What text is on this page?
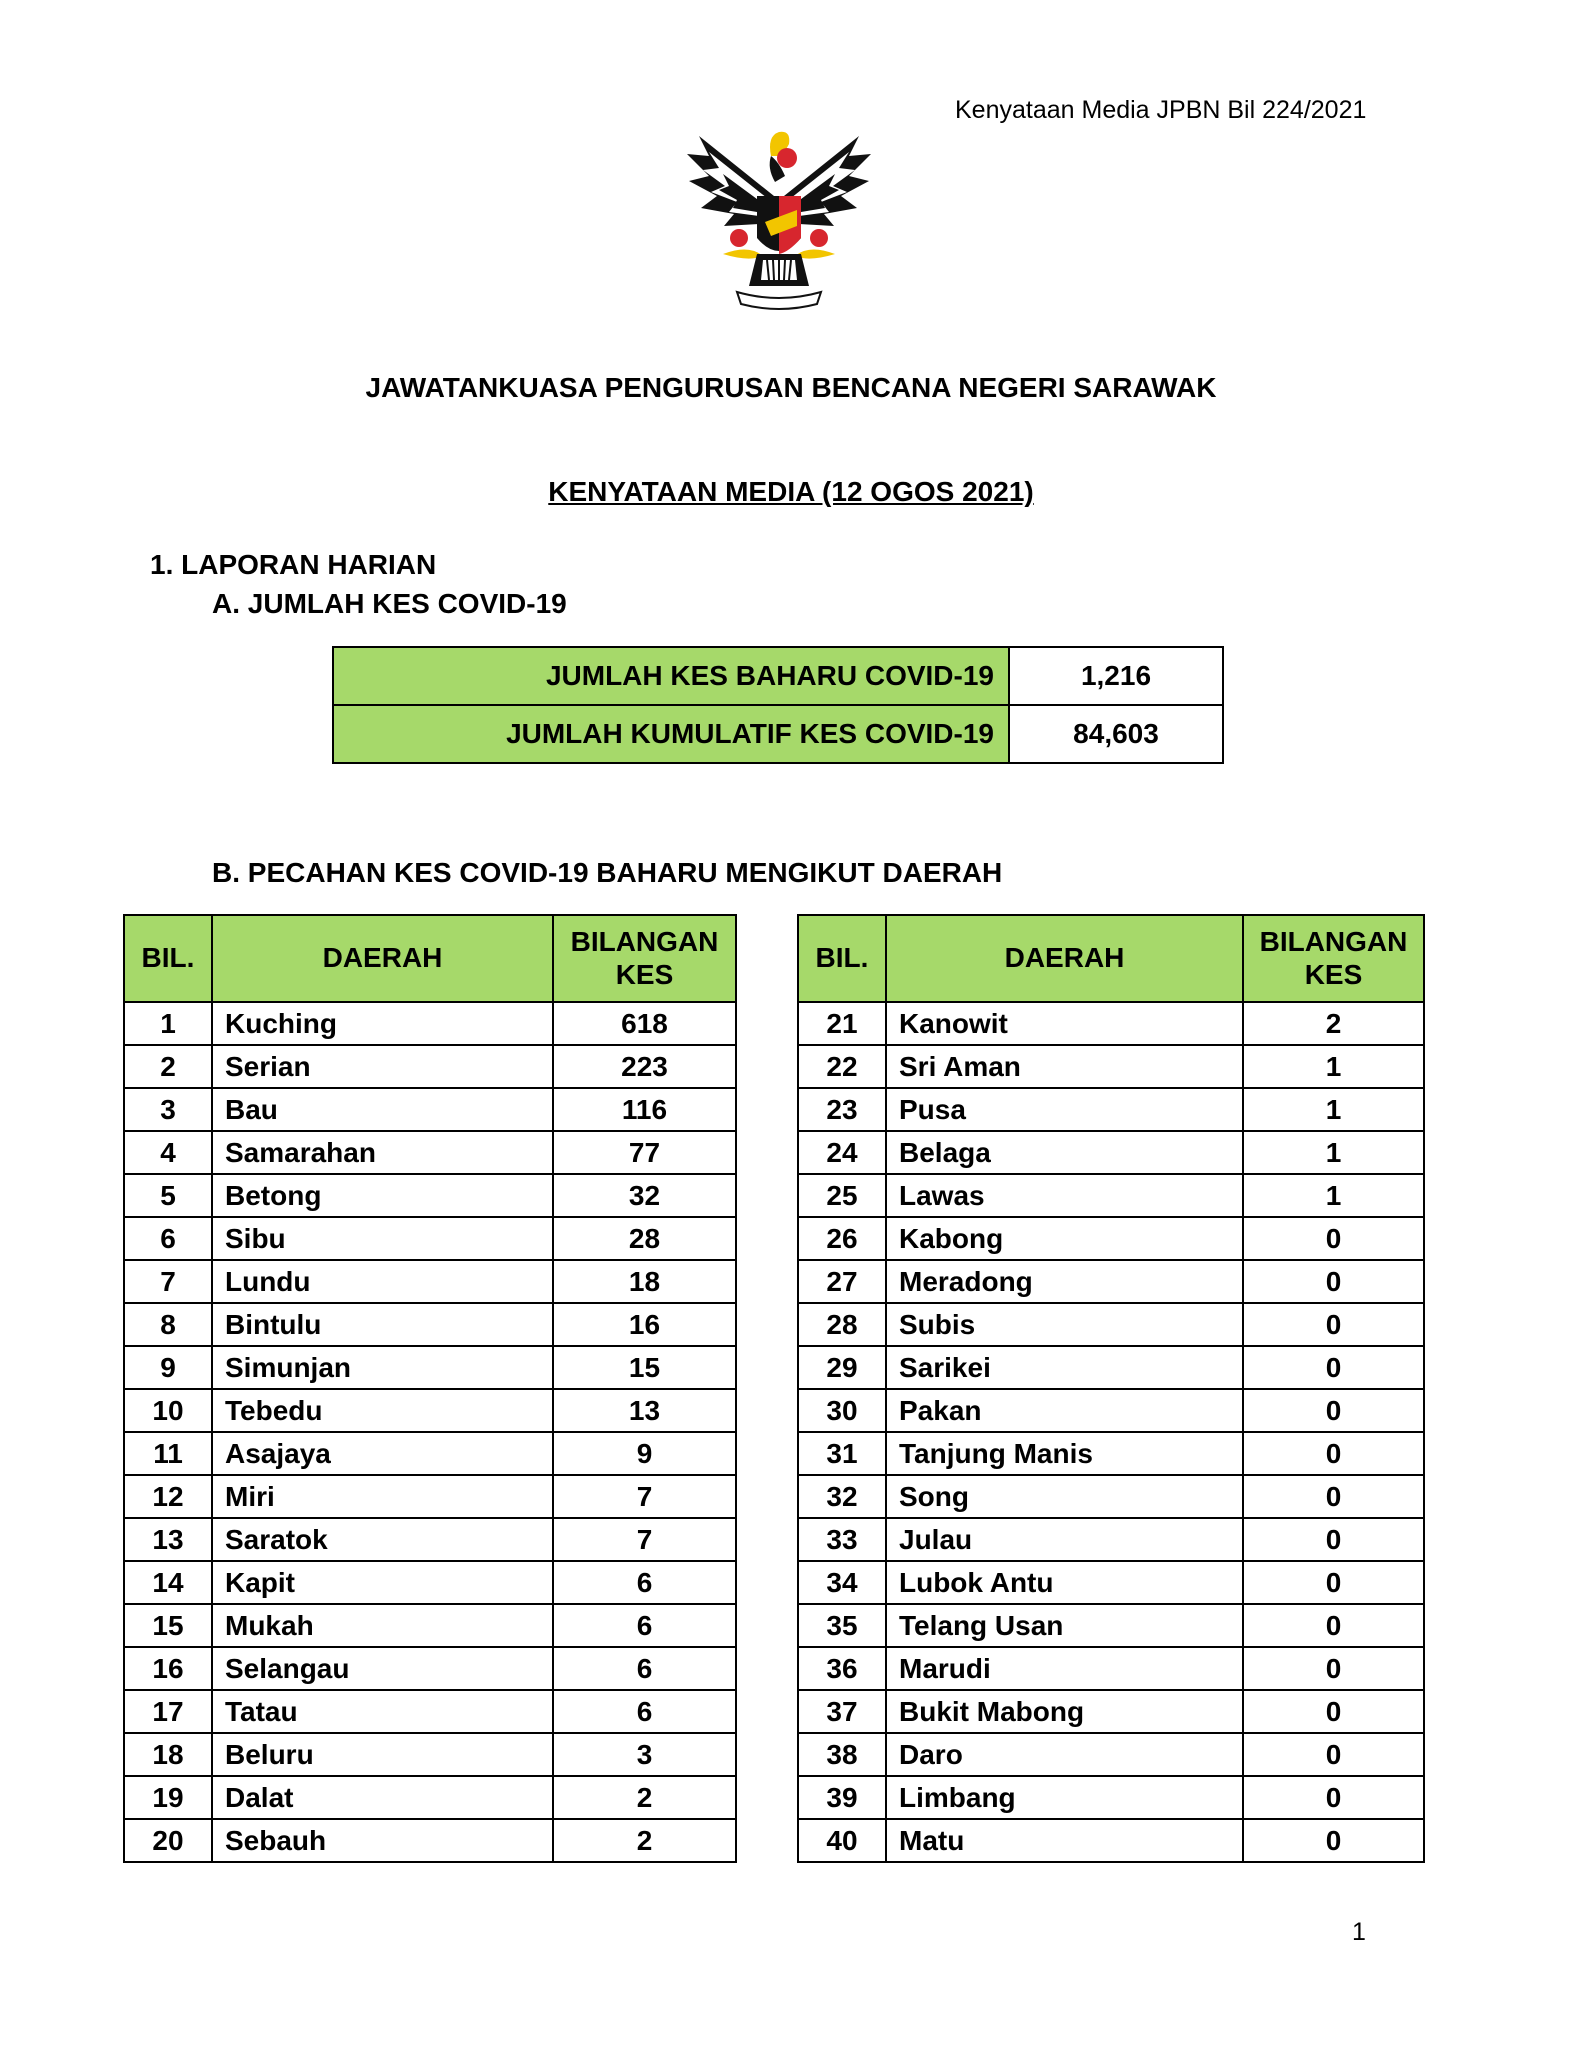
Kenyataan Media JPBN Bil 224/2021
JAWATANKUASA PENGURUSAN BENCANA NEGERI SARAWAK
KENYATAAN MEDIA (12 OGOS 2021)
1. LAPORAN HARIAN
A. JUMLAH KES COVID-19
JUMLAH KES BAHARU COVID-19	1,216
JUMLAH KUMULATIF KES COVID-19	84,603
B. PECAHAN KES COVID-19 BAHARU MENGIKUT DAERAH
BIL.	DAERAH	BILANGAN
KES
1	Kuching	618
2	Serian	223
3	Bau	116
4	Samarahan	77
5	Betong	32
6	Sibu	28
7	Lundu	18
8	Bintulu	16
9	Simunjan	15
10	Tebedu	13
11	Asajaya	9
12	Miri	7
13	Saratok	7
14	Kapit	6
15	Mukah	6
16	Selangau	6
17	Tatau	6
18	Beluru	3
19	Dalat	2
20	Sebauh	2
BIL.	DAERAH	BILANGAN
KES
21	Kanowit	2
22	Sri Aman	1
23	Pusa	1
24	Belaga	1
25	Lawas	1
26	Kabong	0
27	Meradong	0
28	Subis	0
29	Sarikei	0
30	Pakan	0
31	Tanjung Manis	0
32	Song	0
33	Julau	0
34	Lubok Antu	0
35	Telang Usan	0
36	Marudi	0
37	Bukit Mabong	0
38	Daro	0
39	Limbang	0
40	Matu	0
1
